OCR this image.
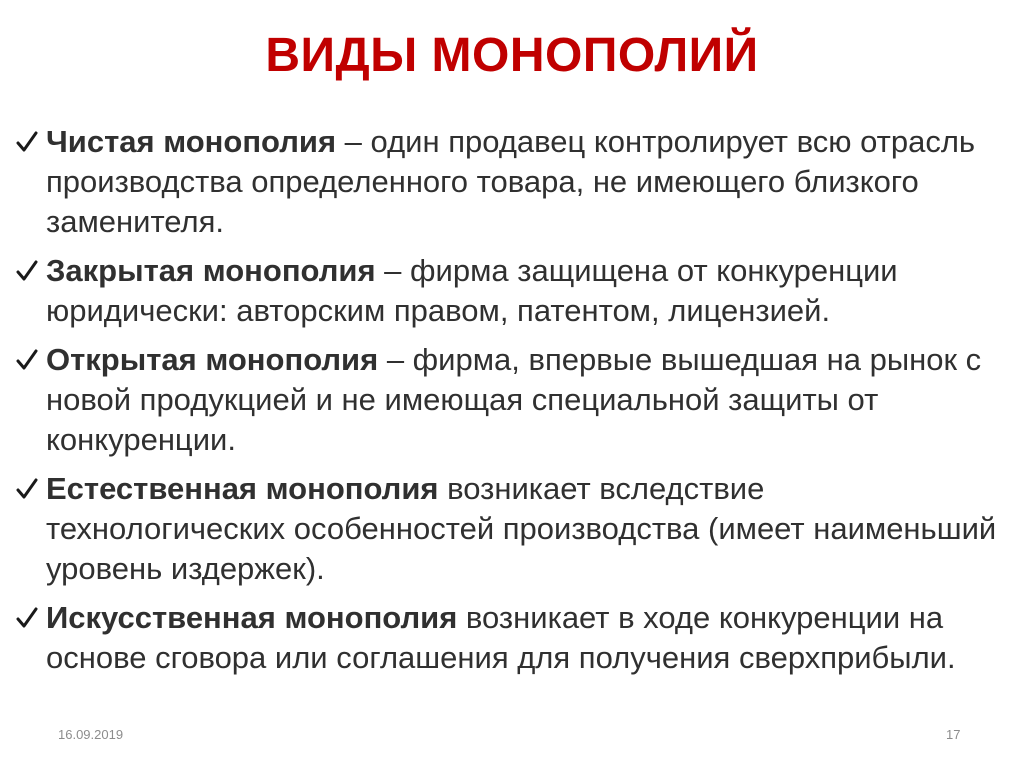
ВИДЫ МОНОПОЛИЙ
Чистая монополия – один продавец контролирует всю отрасль производства определенного товара, не имеющего близкого заменителя.
Закрытая монополия – фирма защищена от конкуренции юридически: авторским правом, патентом, лицензией.
Открытая монополия – фирма, впервые вышедшая на рынок с новой продукцией и не имеющая специальной защиты от конкуренции.
Естественная монополия возникает вследствие технологических особенностей производства (имеет наименьший уровень издержек).
Искусственная монополия возникает в ходе конкуренции на основе сговора или соглашения для получения сверхприбыли.
16.09.2019	17
